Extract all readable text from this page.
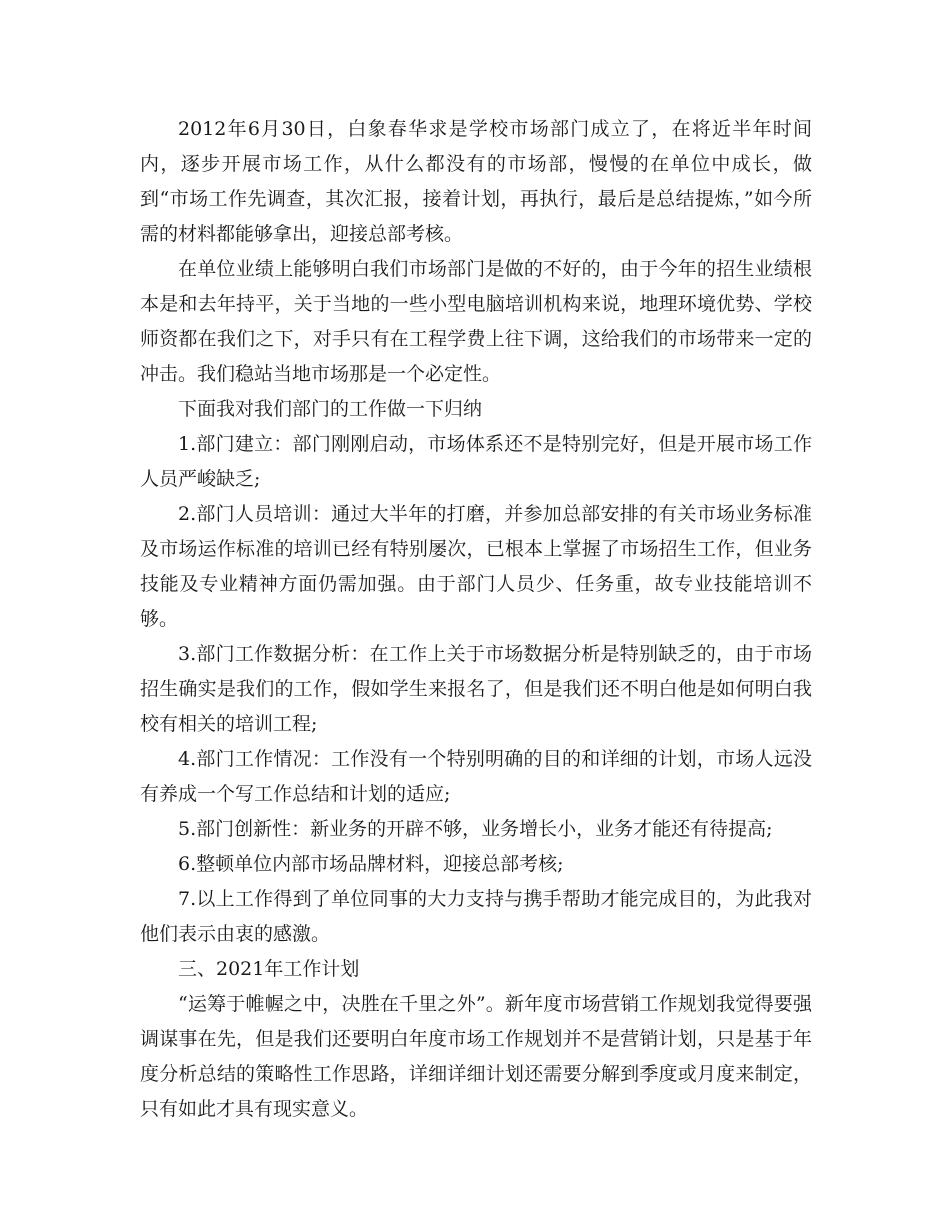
2012年6月30日，白象春华求是学校市场部门成立了，在将近半年时间内，逐步开展市场工作，从什么都没有的市场部，慢慢的在单位中成长，做到“市场工作先调查，其次汇报，接着计划，再执行，最后是总结提炼，”如今所需的材料都能够拿出，迎接总部考核。

在单位业绩上能够明白我们市场部门是做的不好的，由于今年的招生业绩根本是和去年持平，关于当地的一些小型电脑培训机构来说，地理环境优势、学校师资都在我们之下，对手只有在工程学费上往下调，这给我们的市场带来一定的冲击。我们稳站当地市场那是一个必定性。

下面我对我们部门的工作做一下归纳

1.部门建立：部门刚刚启动，市场体系还不是特别完好，但是开展市场工作人员严峻缺乏;

2.部门人员培训：通过大半年的打磨，并参加总部安排的有关市场业务标准及市场运作标准的培训已经有特别屡次，已根本上掌握了市场招生工作，但业务技能及专业精神方面仍需加强。由于部门人员少、任务重，故专业技能培训不够。

3.部门工作数据分析：在工作上关于市场数据分析是特别缺乏的，由于市场招生确实是我们的工作，假如学生来报名了，但是我们还不明白他是如何明白我校有相关的培训工程;

4.部门工作情况：工作没有一个特别明确的目的和详细的计划，市场人远没有养成一个写工作总结和计划的适应;

5.部门创新性：新业务的开辟不够，业务增长小，业务才能还有待提高;

6.整顿单位内部市场品牌材料，迎接总部考核;

7.以上工作得到了单位同事的大力支持与携手帮助才能完成目的，为此我对他们表示由衷的感激。

三、2021年工作计划

“运筹于帷幄之中，决胜在千里之外”。新年度市场营销工作规划我觉得要强调谋事在先，但是我们还要明白年度市场工作规划并不是营销计划，只是基于年度分析总结的策略性工作思路，详细详细计划还需要分解到季度或月度来制定，只有如此才具有现实意义。
